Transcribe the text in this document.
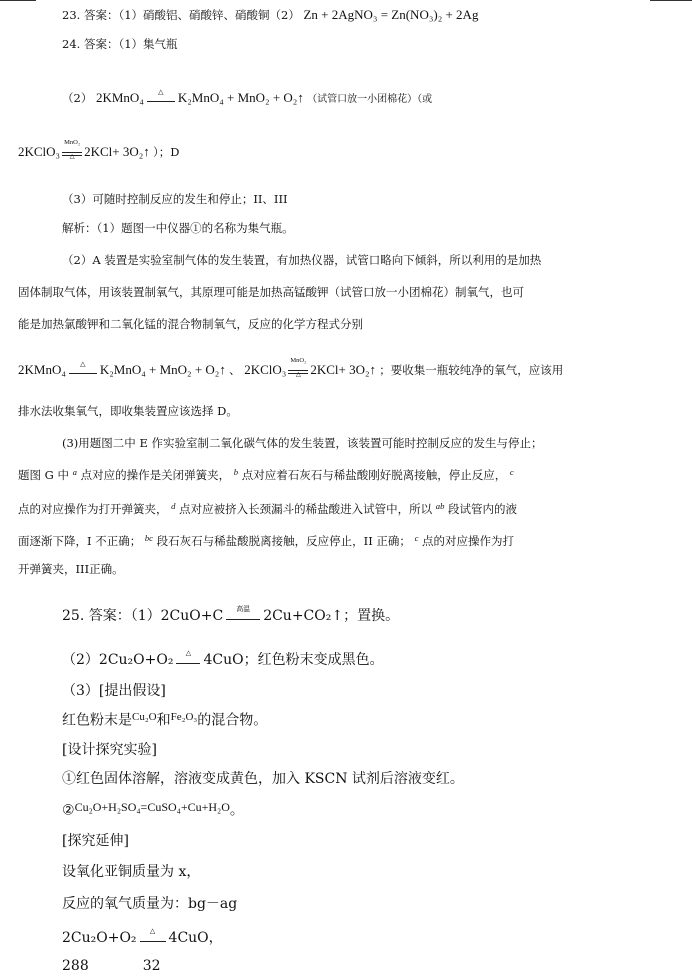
23. 答案：（1）硝酸铝、硝酸锌、硝酸铜（2） Zn + 2AgNO₃ = Zn(NO₃)₂ + 2Ag
24. 答案：（1）集气瓶
（2） 2KMnO₄	△	K₂MnO₄ + MnO₂ + O₂↑ （试管口放一小团棉花）（或
2KClO₃
MnO₂
△ 2KCl+ 3O₂↑ ）；D
（3）可随时控制反应的发生和停止；II、III
解析：（1）题图一中仪器①的名称为集气瓶。
（2）A 装置是实验室制气体的发生装置，有加热仪器，试管口略向下倾斜，所以利用的是加热
固体制取气体，用该装置制氧气，其原理可能是加热高锰酸钾（试管口放一小团棉花）制氧气，也可
能是加热氯酸钾和二氧化锰的混合物制氧气，反应的化学方程式分别
2KMnO₄	△	K₂MnO₄ + MnO₂ + O₂↑ 、 2KClO₃
MnO₂
△ 2KCl+ 3O₂↑ ；要收集一瓶较纯净的氧气，应该用
排水法收集氧气，即收集装置应该选择 D。
(3)用题图二中 E 作实验室制二氧化碳气体的发生装置，该装置可能时控制反应的发生与停止；
题图 G 中 $^a$ 点对应的操作是关闭弹簧夹， $^b$ 点对应着石灰石与稀盐酸刚好脱离接触，停止反应， $^c$
点的对应操作为打开弹簧夹， $^d$ 点对应被挤入长颈漏斗的稀盐酸进入试管中，所以 $^{ab}$ 段试管内的液
面逐渐下降，I 不正确； $^{bc}$ 段石灰石与稀盐酸脱离接触，反应停止，II 正确； $^c$ 点的对应操作为打
开弹簧夹，III正确。
25. 答案：（1）2CuO+C	高温 2Cu+CO₂↑；置换。
（2）2Cu₂O+O₂	△ 4CuO；红色粉末变成黑色。
（3）[提出假设]
红色粉末是$^{Cu_2O}$和$^{Fe_2O_3}$的混合物。
[设计探究实验]
①红色固体溶解，溶液变成黄色，加入 KSCN 试剂后溶液变红。
②Cu₂O+H₂SO₄=CuSO₄+Cu+H₂O。
[探究延伸]
设氧化亚铜质量为 x，
反应的氧气质量为：bg－ag
2Cu₂O+O₂	△ 4CuO，
288	32
